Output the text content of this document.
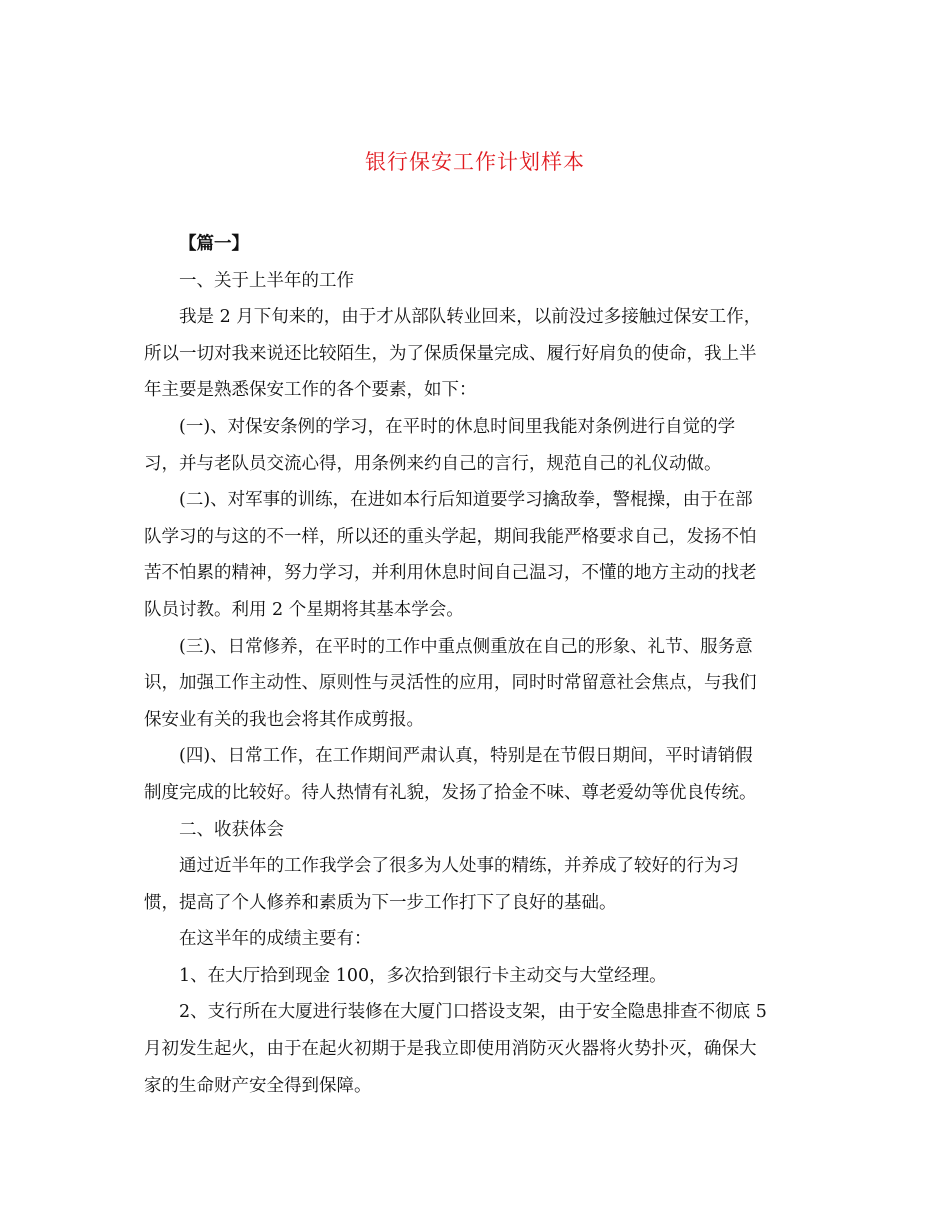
银行保安工作计划样本

【篇一】

一、关于上半年的工作

我是 2 月下旬来的，由于才从部队转业回来，以前没过多接触过保安工作，
所以一切对我来说还比较陌生，为了保质保量完成、履行好肩负的使命，我上半
年主要是熟悉保安工作的各个要素，如下：

(一)、对保安条例的学习，在平时的休息时间里我能对条例进行自觉的学
习，并与老队员交流心得，用条例来约自己的言行，规范自己的礼仪动做。

(二)、对军事的训练，在进如本行后知道要学习擒敌拳，警棍操，由于在部
队学习的与这的不一样，所以还的重头学起，期间我能严格要求自己，发扬不怕
苦不怕累的精神，努力学习，并利用休息时间自己温习，不懂的地方主动的找老
队员讨教。利用 2 个星期将其基本学会。

(三)、日常修养，在平时的工作中重点侧重放在自己的形象、礼节、服务意
识，加强工作主动性、原则性与灵活性的应用，同时时常留意社会焦点，与我们
保安业有关的我也会将其作成剪报。

(四)、日常工作，在工作期间严肃认真，特别是在节假日期间，平时请销假
制度完成的比较好。待人热情有礼貌，发扬了拾金不味、尊老爱幼等优良传统。

二、收获体会

通过近半年的工作我学会了很多为人处事的精练，并养成了较好的行为习
惯，提高了个人修养和素质为下一步工作打下了良好的基础。

在这半年的成绩主要有：

1、在大厅拾到现金 100，多次拾到银行卡主动交与大堂经理。

2、支行所在大厦进行装修在大厦门口搭设支架，由于安全隐患排查不彻底 5
月初发生起火，由于在起火初期于是我立即使用消防灭火器将火势扑灭，确保大
家的生命财产安全得到保障。
